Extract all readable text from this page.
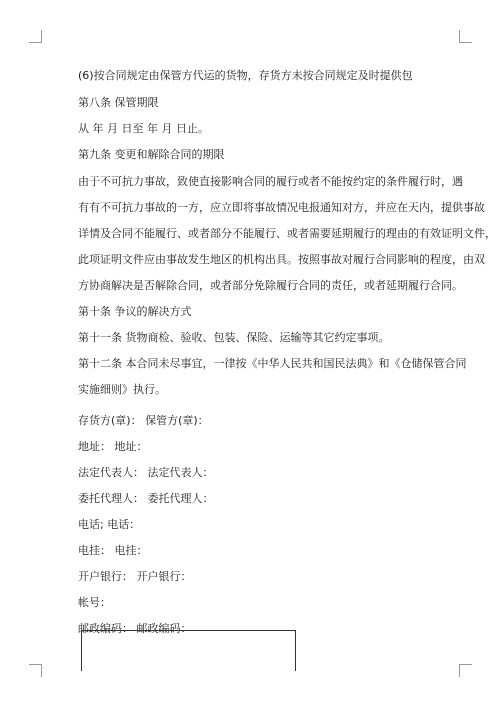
(6)按合同规定由保管方代运的货物，存货方未按合同规定及时提供包
第八条 保管期限
从 年 月 日至 年 月 日止。
第九条 变更和解除合同的期限
由于不可抗力事故，致使直接影响合同的履行或者不能按约定的条件履行时，遇
有有不可抗力事故的一方，应立即将事故情况电报通知对方，并应在天内，提供事故
详情及合同不能履行、或者部分不能履行、或者需要延期履行的理由的有效证明文件，
此项证明文件应由事故发生地区的机构出具。按照事故对履行合同影响的程度，由双
方协商解决是否解除合同，或者部分免除履行合同的责任，或者延期履行合同。
第十条 争议的解决方式
第十一条 货物商检、验收、包装、保险、运输等其它约定事项。
第十二条 本合同未尽事宜，一律按《中华人民共和国民法典》和《仓储保管合同
实施细则》执行。
存货方(章)： 保管方(章)：
地址： 地址：
法定代表人： 法定代表人：
委托代理人： 委托代理人：
电话; 电话：
电挂： 电挂：
开户银行： 开户银行：
帐号：
邮政编码： 邮政编码：
